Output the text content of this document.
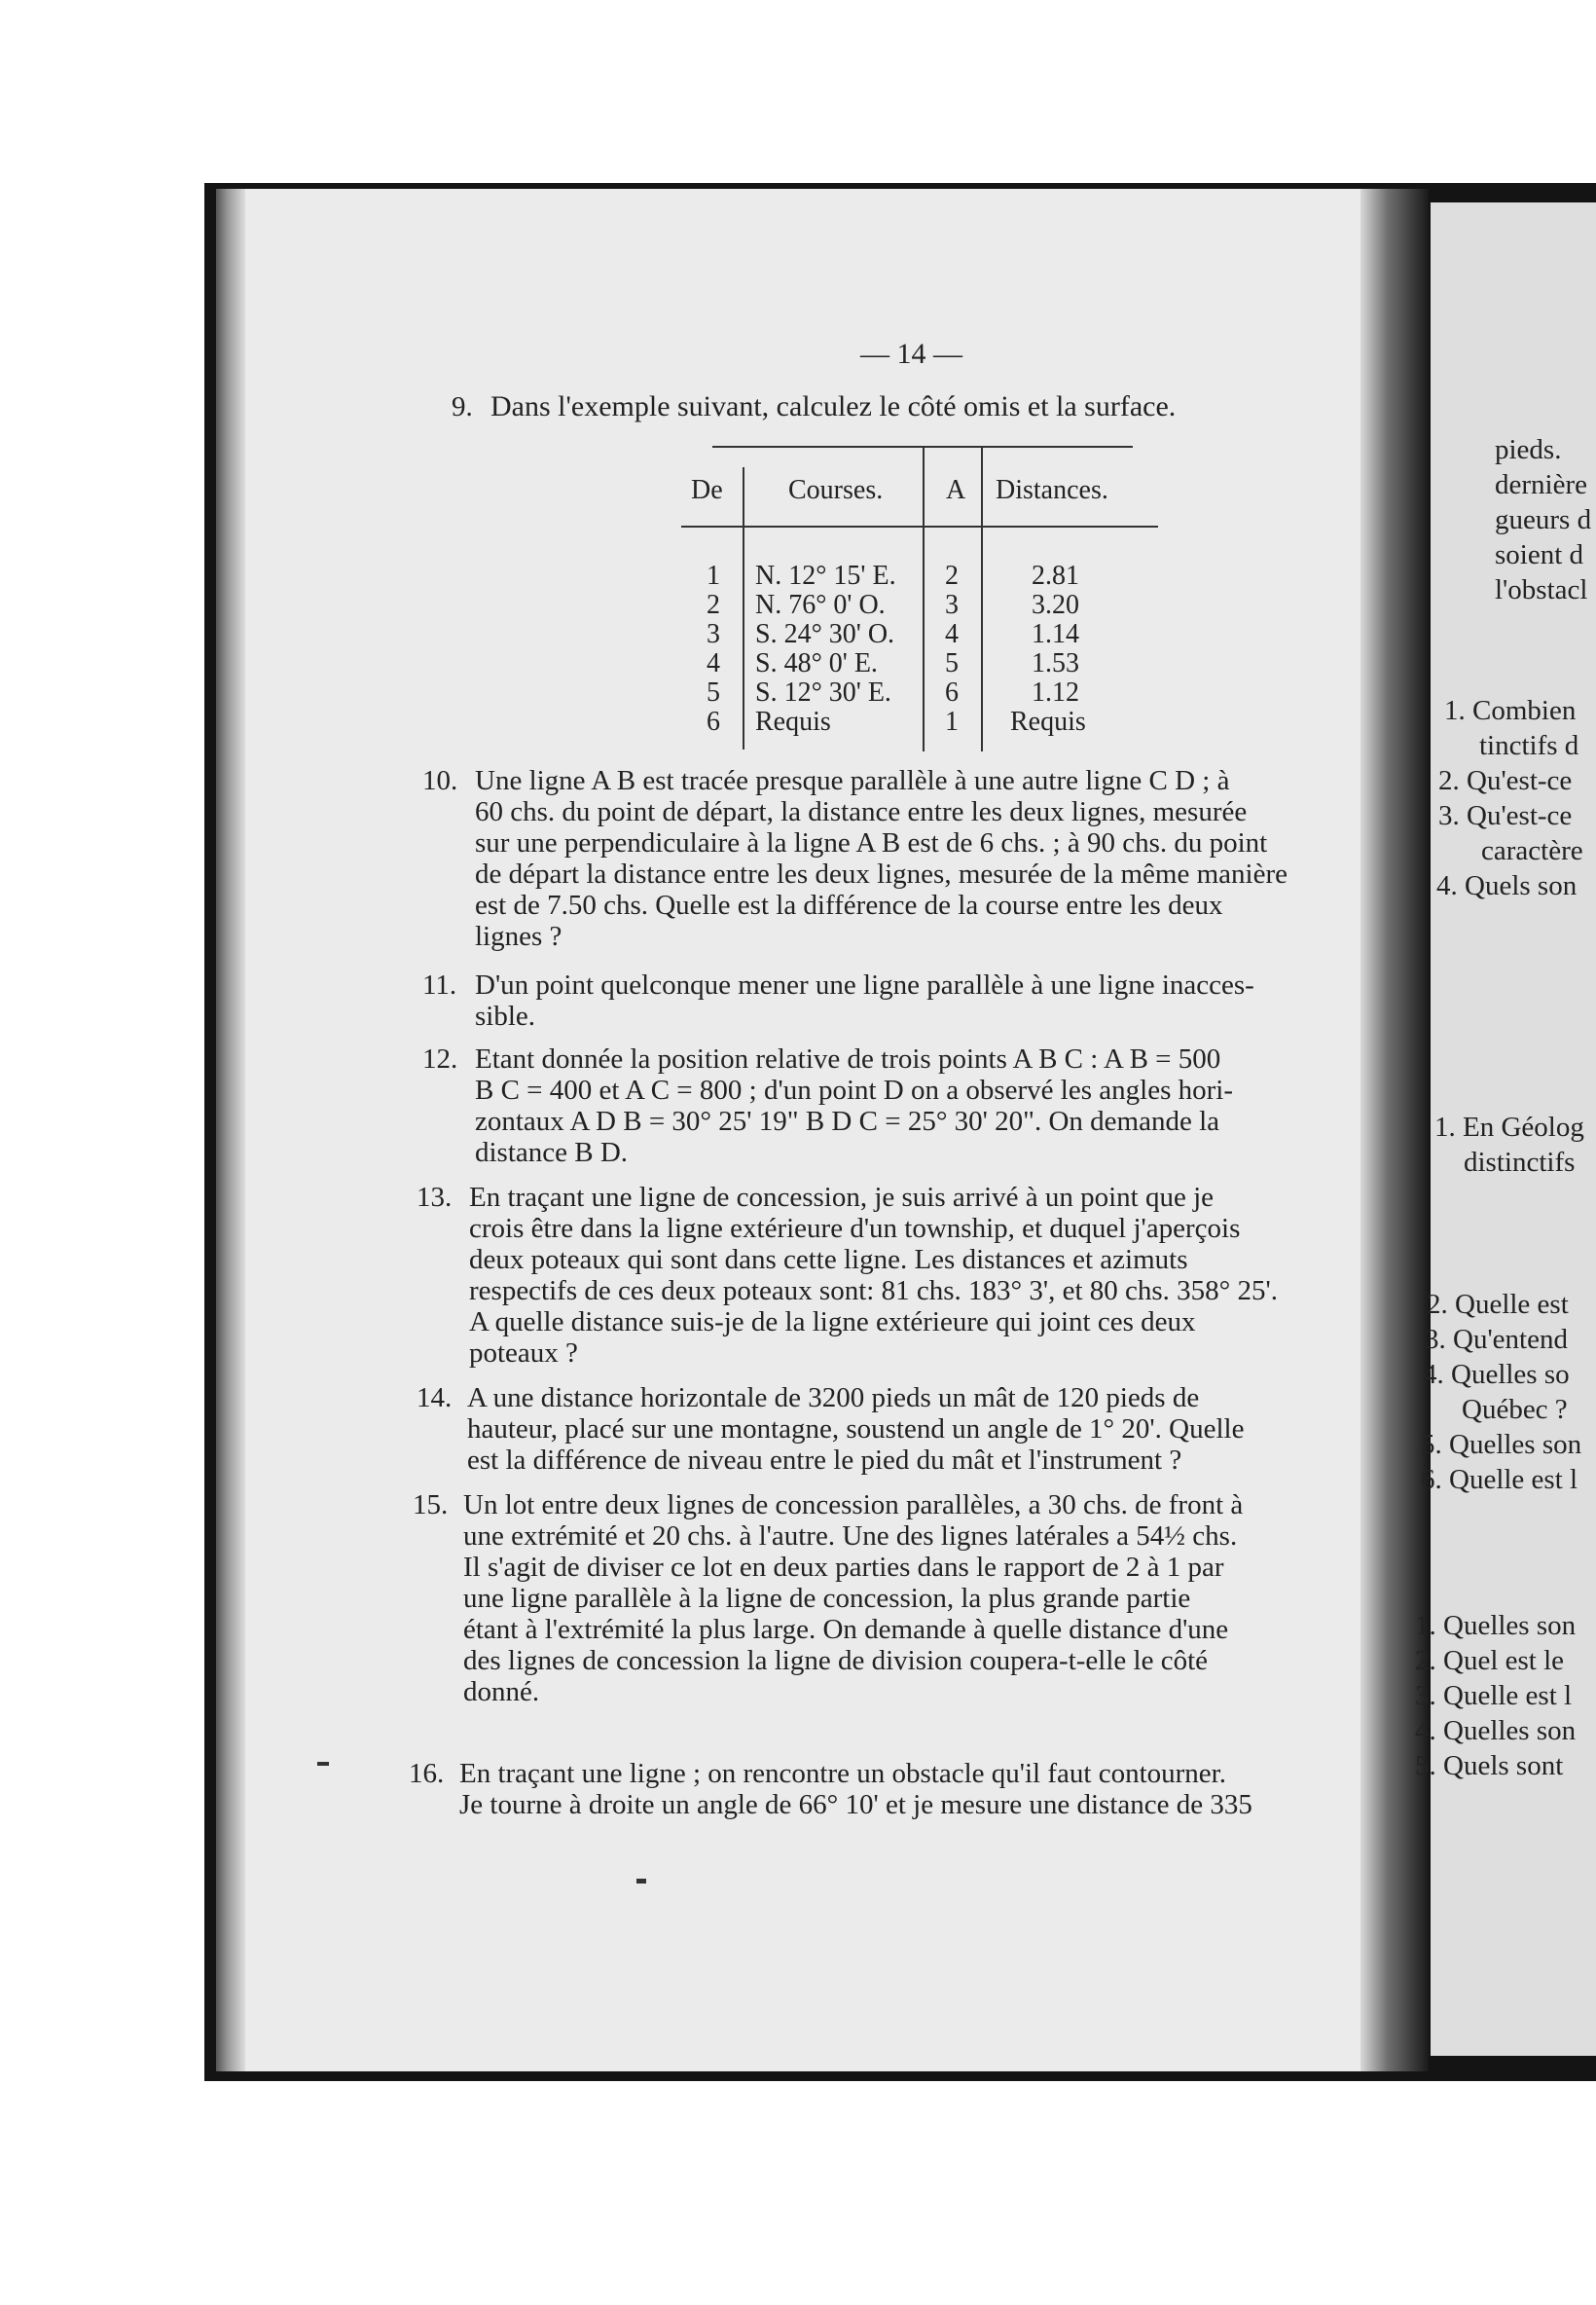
— 14 —
9. Dans l'exemple suivant, calculez le côté omis et la surface.
De Courses. A Distances.
1 N. 12° 15' E. 2	2.81
2 N. 76° 0' O. 3	3.20
3 S. 24° 30' O. 4	1.14
4 S. 48° 0' E. 5	1.53
5 S. 12° 30' E. 6	1.12
6 Requis	1 Requis
10. Une ligne A B est tracée presque parallèle à une autre ligne C D ; à
60 chs. du point de départ, la distance entre les deux lignes, mesurée
sur une perpendiculaire à la ligne A B est de 6 chs. ; à 90 chs. du point
de départ la distance entre les deux lignes, mesurée de la même manière
est de 7.50 chs. Quelle est la différence de la course entre les deux
lignes ?
11. D'un point quelconque mener une ligne parallèle à une ligne inacces-
sible.
12. Etant donnée la position relative de trois points A B C : A B = 500
B C = 400 et A C = 800 ; d'un point D on a observé les angles hori-
zontaux A D B = 30° 25' 19" B D C = 25° 30' 20". On demande la
distance B D.
13. En traçant une ligne de concession, je suis arrivé à un point que je
crois être dans la ligne extérieure d'un township, et duquel j'aperçois
deux poteaux qui sont dans cette ligne. Les distances et azimuts
respectifs de ces deux poteaux sont: 81 chs. 183° 3', et 80 chs. 358° 25'.
A quelle distance suis-je de la ligne extérieure qui joint ces deux
poteaux ?
14. A une distance horizontale de 3200 pieds un mât de 120 pieds de
hauteur, placé sur une montagne, soustend un angle de 1° 20'. Quelle
est la différence de niveau entre le pied du mât et l'instrument ?
15. Un lot entre deux lignes de concession parallèles, a 30 chs. de front à
une extrémité et 20 chs. à l'autre. Une des lignes latérales a 54½ chs.
Il s'agit de diviser ce lot en deux parties dans le rapport de 2 à 1 par
une ligne parallèle à la ligne de concession, la plus grande partie
étant à l'extrémité la plus large. On demande à quelle distance d'une
des lignes de concession la ligne de division coupera-t-elle le côté
donné.
16. En traçant une ligne ; on rencontre un obstacle qu'il faut contourner.
Je tourne à droite un angle de 66° 10' et je mesure une distance de 335
pieds.
dernière
gueurs d
soient d
l'obstacl
1. Combien
tinctifs d
2. Qu'est-ce
3. Qu'est-ce
caractère
4. Quels son
1. En Géolog
distinctifs
2. Quelle est
3. Qu'entend
4. Quelles so
Québec ?
5. Quelles son
6. Quelle est l
1. Quelles son
2. Quel est le
3. Quelle est l
4. Quelles son
5. Quels sont
